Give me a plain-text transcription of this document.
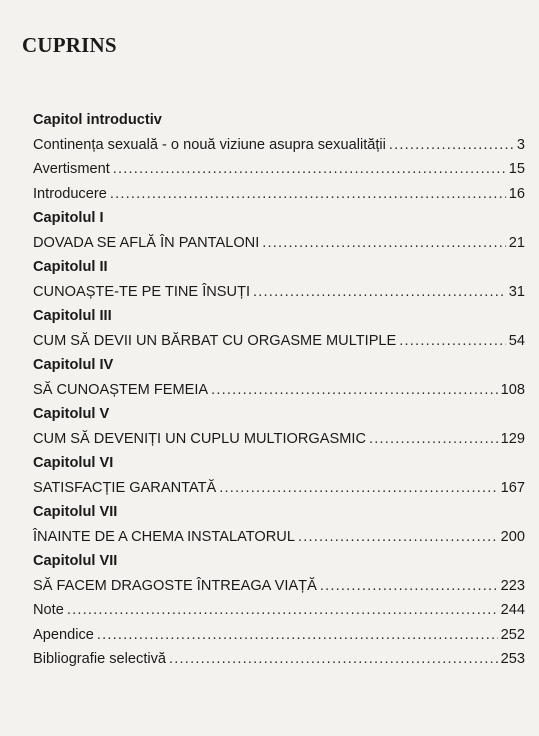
CUPRINS
Capitol introductiv
Continența sexuală - o nouă viziune asupra sexualității .....	3
Avertisment .....	15
Introducere .....	16
Capitolul I
DOVADA SE AFLĂ ÎN PANTALONI .....	21
Capitolul II
CUNOAȘTE-TE PE TINE ÎNSUȚI .....	31
Capitolul III
CUM SĂ DEVII UN BĂRBAT CU ORGASME MULTIPLE .....	54
Capitolul IV
SĂ CUNOAȘTEM FEMEIA .....	108
Capitolul V
CUM SĂ DEVENIȚI UN CUPLU MULTIORGASMIC .....	129
Capitolul VI
SATISFACȚIE GARANTATĂ .....	167
Capitolul VII
ÎNAINTE DE A CHEMA INSTALATORUL .....	200
Capitolul VII
SĂ FACEM DRAGOSTE ÎNTREAGA VIAȚĂ .....	223
Note .....	244
Apendice .....	252
Bibliografie selectivă .....	253
